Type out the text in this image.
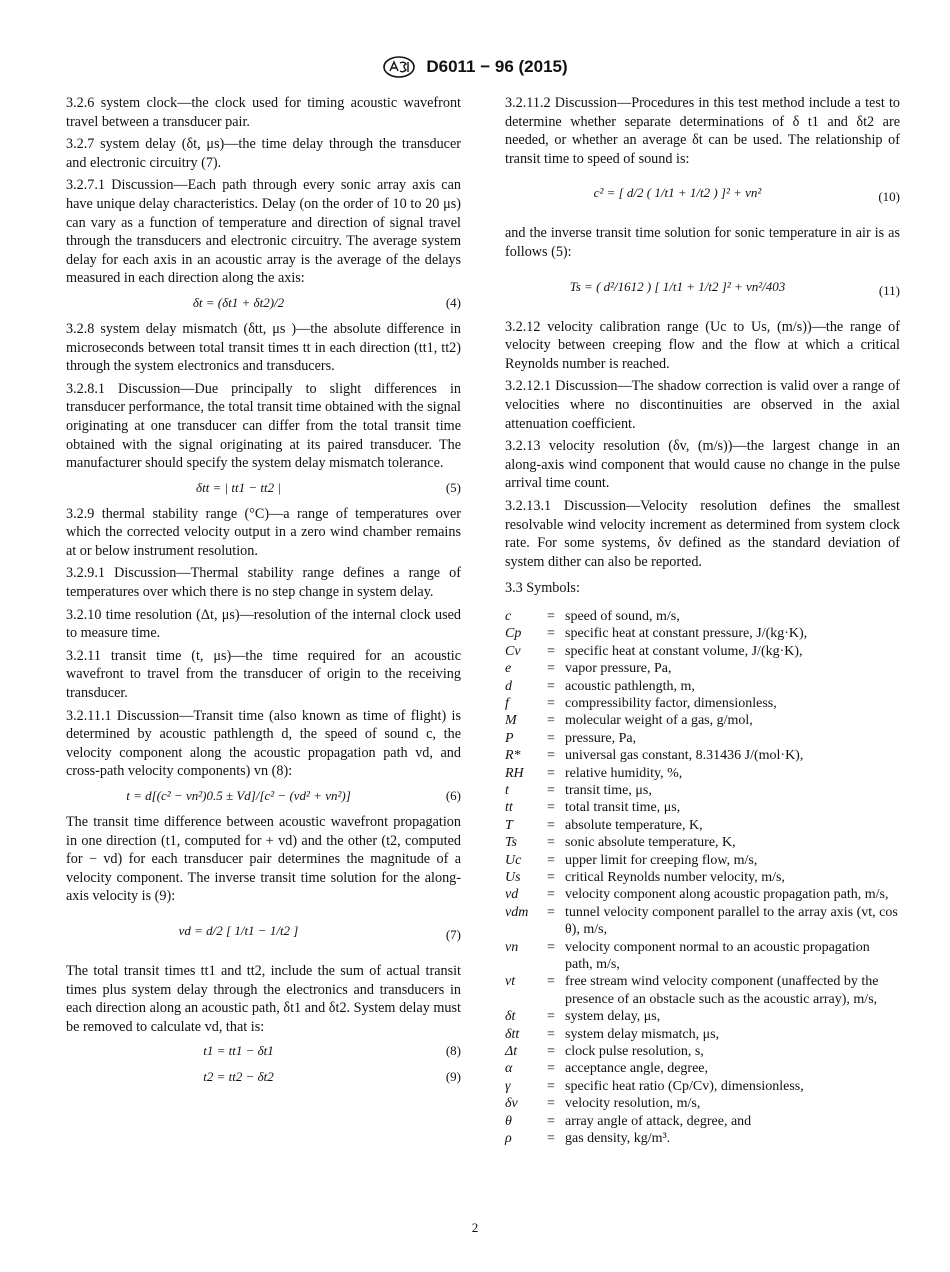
D6011 − 96 (2015)

3.2.6 system clock—the clock used for timing acoustic wavefront travel between a transducer pair.

3.2.7 system delay (δt, μs)—the time delay through the transducer and electronic circuitry (7).

3.2.7.1 Discussion—Each path through every sonic array axis can have unique delay characteristics. Delay (on the order of 10 to 20 μs) can vary as a function of temperature and direction of signal travel through the transducers and electronic circuitry. The average system delay for each axis in an acoustic array is the average of the delays measured in each direction along the axis:

δt = (δt1 + δt2)/2	(4)

3.2.8 system delay mismatch (δtt, μs )—the absolute difference in microseconds between total transit times tt in each direction (tt1, tt2) through the system electronics and transducers.

3.2.8.1 Discussion—Due principally to slight differences in transducer performance, the total transit time obtained with the signal originating at one transducer can differ from the total transit time obtained with the signal originating at its paired transducer. The manufacturer should specify the system delay mismatch tolerance.

δtt = | tt1 − tt2 |	(5)

3.2.9 thermal stability range (°C)—a range of temperatures over which the corrected velocity output in a zero wind chamber remains at or below instrument resolution.

3.2.9.1 Discussion—Thermal stability range defines a range of temperatures over which there is no step change in system delay.

3.2.10 time resolution (Δt, μs)—resolution of the internal clock used to measure time.

3.2.11 transit time (t, μs)—the time required for an acoustic wavefront to travel from the transducer of origin to the receiving transducer.

3.2.11.1 Discussion—Transit time (also known as time of flight) is determined by acoustic pathlength d, the speed of sound c, the velocity component along the acoustic propagation path vd, and cross-path velocity components) vn (8):

t = d[(c² − vn²)0.5 ± Vd]/[c² − (vd² + vn²)]	(6)

The transit time difference between acoustic wavefront propagation in one direction (t1, computed for + vd) and the other (t2, computed for − vd) for each transducer pair determines the magnitude of a velocity component. The inverse transit time solution for the along-axis velocity is (9):

vd = d/2 [ 1/t1 − 1/t2 ]	(7)

The total transit times tt1 and tt2, include the sum of actual transit times plus system delay through the electronics and transducers in each direction along an acoustic path, δt1 and δt2. System delay must be removed to calculate vd, that is:

t1 = tt1 − δt1	(8)
t2 = tt2 − δt2	(9)

3.2.11.2 Discussion—Procedures in this test method include a test to determine whether separate determinations of δ t1 and δt2 are needed, or whether an average δt can be used. The relationship of transit time to speed of sound is:

c² = [ d/2 ( 1/t1 + 1/t2 ) ]² + vn²	(10)

and the inverse transit time solution for sonic temperature in air is as follows (5):

Ts = ( d²/1612 ) [ 1/t1 + 1/t2 ]² + vn²/403	(11)

3.2.12 velocity calibration range (Uc to Us, (m/s))—the range of velocity between creeping flow and the flow at which a critical Reynolds number is reached.

3.2.12.1 Discussion—The shadow correction is valid over a range of velocities where no discontinuities are observed in the axial attenuation coefficient.

3.2.13 velocity resolution (δv, (m/s))—the largest change in an along-axis wind component that would cause no change in the pulse arrival time count.

3.2.13.1 Discussion—Velocity resolution defines the smallest resolvable wind velocity increment as determined from system clock rate. For some systems, δv defined as the standard deviation of system dither can also be reported.

3.3 Symbols:

c	= speed of sound, m/s,
Cp	= specific heat at constant pressure, J/(kg·K),
Cv	= specific heat at constant volume, J/(kg·K),
e	= vapor pressure, Pa,
d	= acoustic pathlength, m,
f	= compressibility factor, dimensionless,
M	= molecular weight of a gas, g/mol,
P	= pressure, Pa,
R*	= universal gas constant, 8.31436 J/(mol·K),
RH	= relative humidity, %,
t	= transit time, μs,
tt	= total transit time, μs,
T	= absolute temperature, K,
Ts	= sonic absolute temperature, K,
Uc	= upper limit for creeping flow, m/s,
Us	= critical Reynolds number velocity, m/s,
vd	= velocity component along acoustic propagation path, m/s,
vdm	= tunnel velocity component parallel to the array axis (vt, cos θ), m/s,
vn	= velocity component normal to an acoustic propagation path, m/s,
vt	= free stream wind velocity component (unaffected by the presence of an obstacle such as the acoustic array), m/s,
δt	= system delay, μs,
δtt	= system delay mismatch, μs,
Δt	= clock pulse resolution, s,
α	= acceptance angle, degree,
γ	= specific heat ratio (Cp/Cv), dimensionless,
δv	= velocity resolution, m/s,
θ	= array angle of attack, degree, and
ρ	= gas density, kg/m³.
2
